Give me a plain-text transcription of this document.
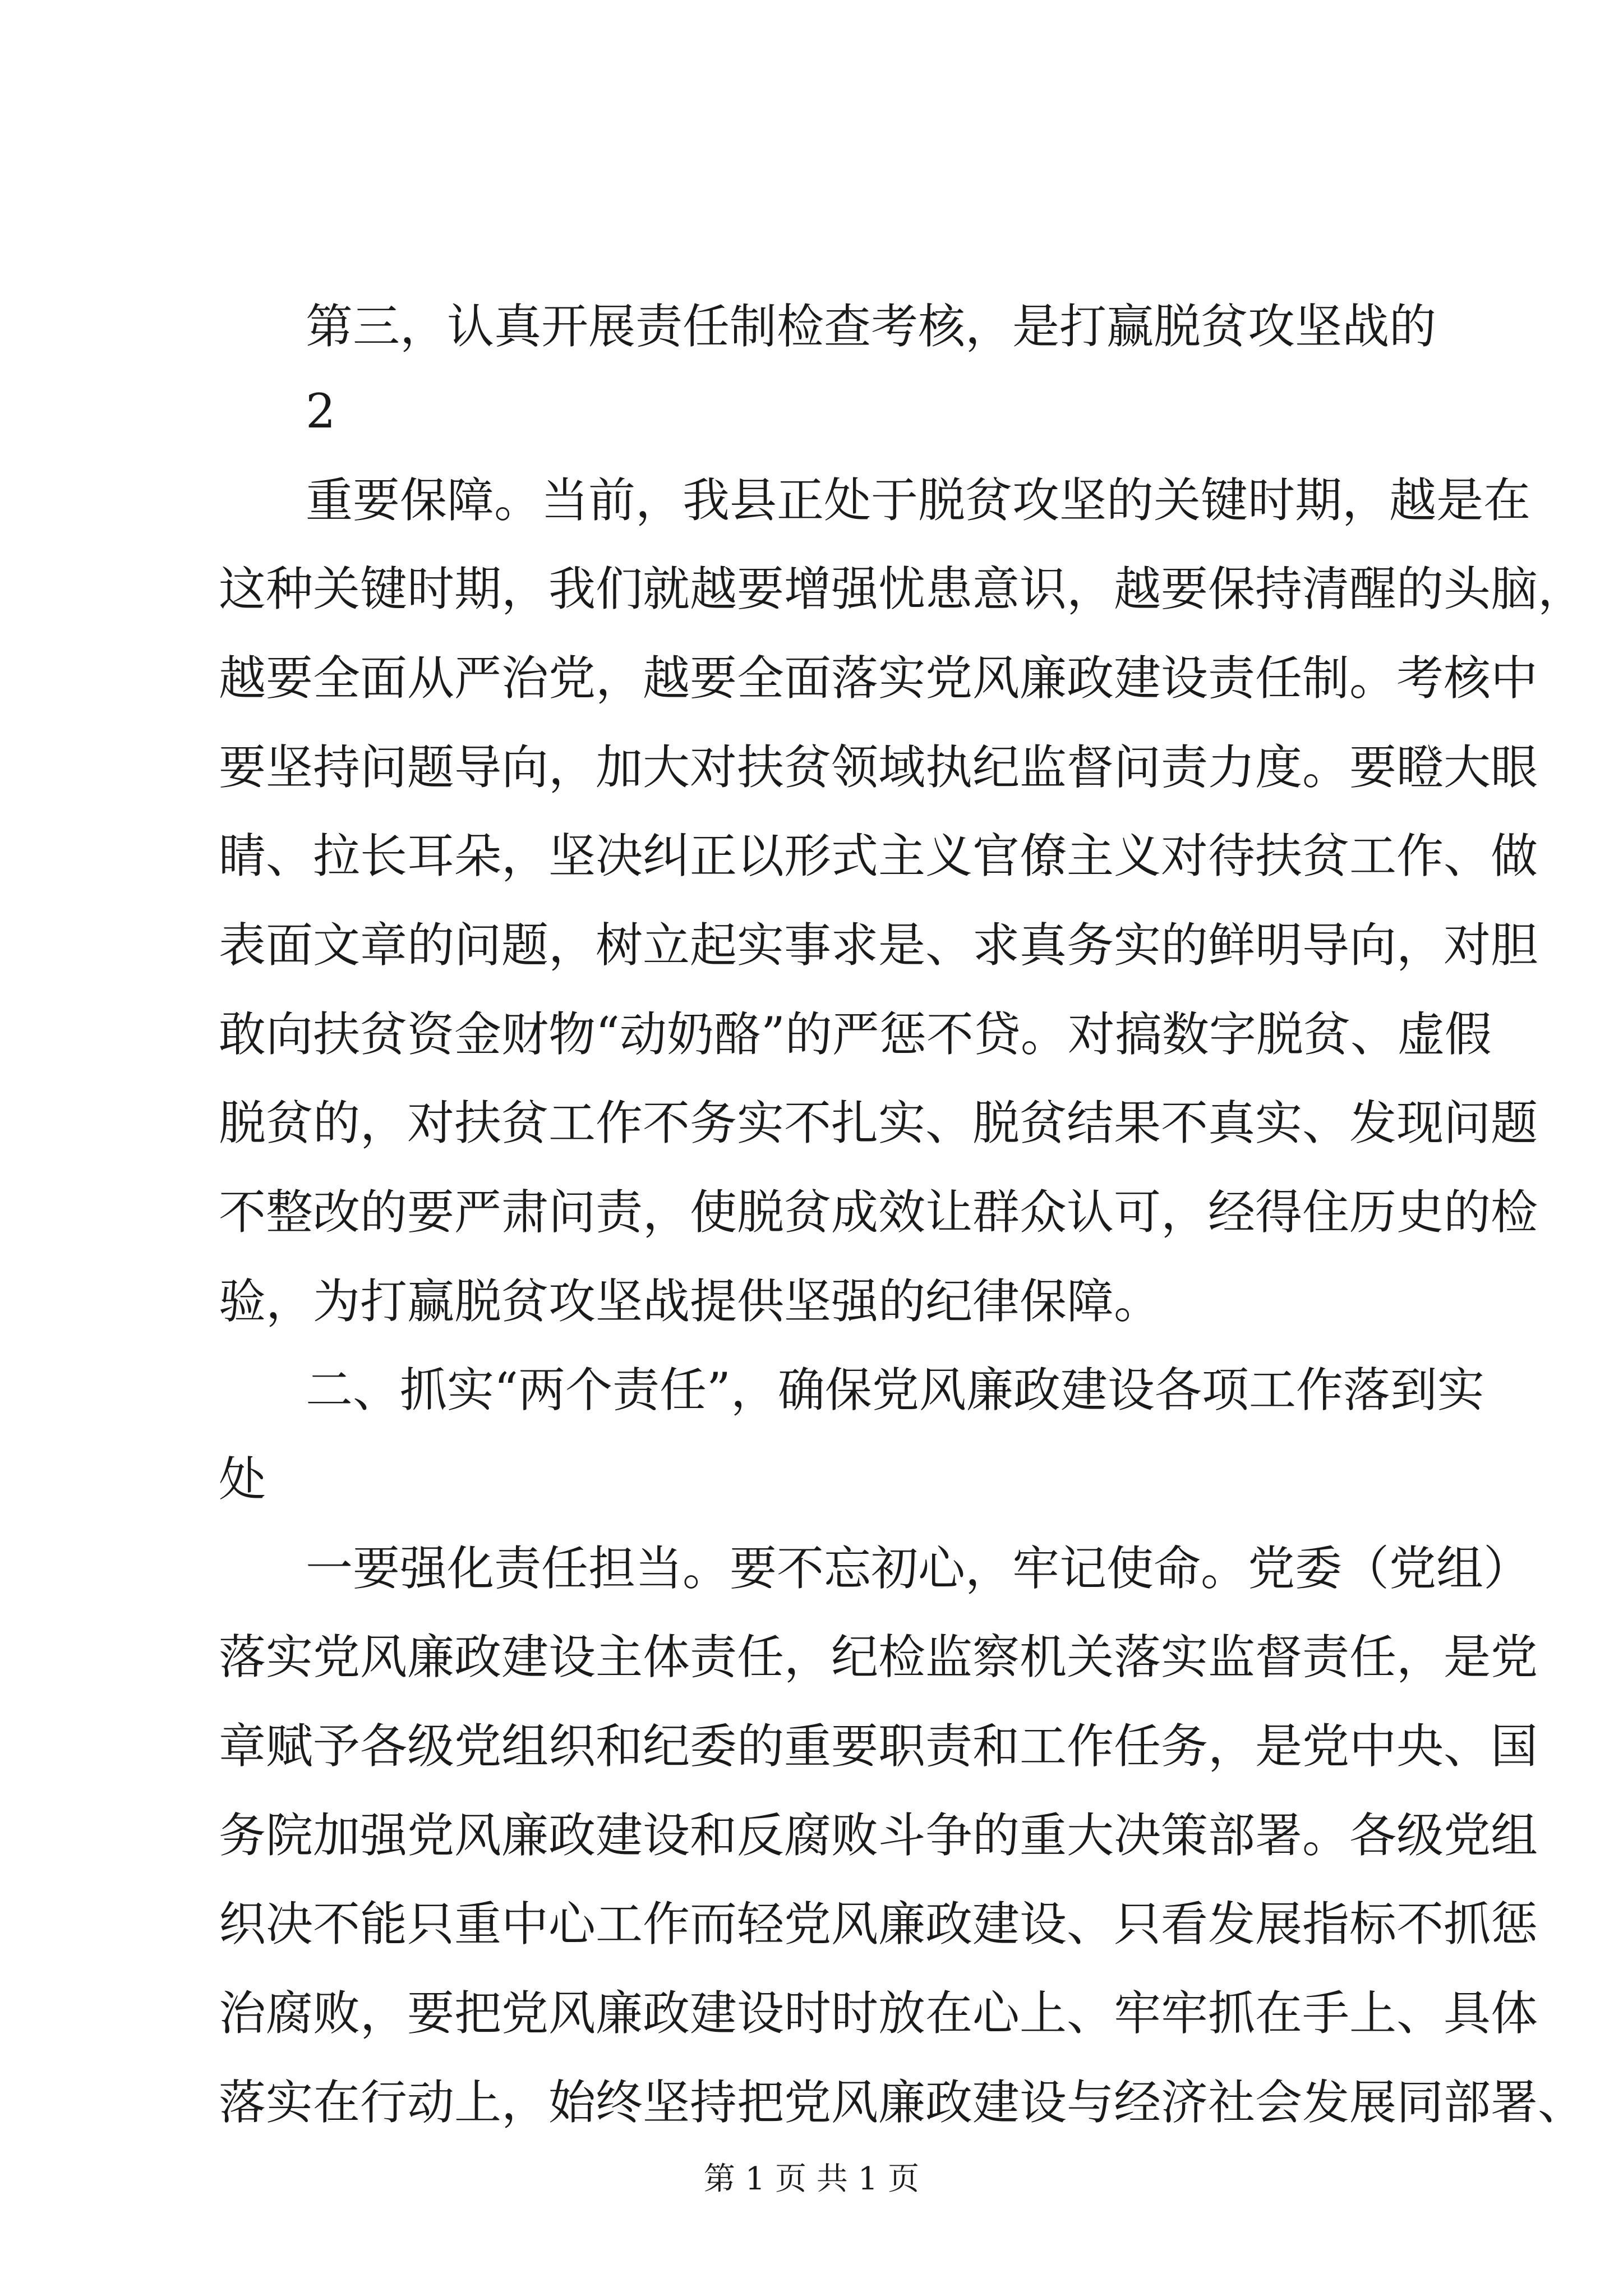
第三，认真开展责任制检查考核，是打赢脱贫攻坚战的

2

重要保障。当前，我县正处于脱贫攻坚的关键时期，越是在

这种关键时期，我们就越要增强忧患意识，越要保持清醒的头脑，

越要全面从严治党，越要全面落实党风廉政建设责任制。考核中

要坚持问题导向，加大对扶贫领域执纪监督问责力度。要瞪大眼

睛、拉长耳朵，坚决纠正以形式主义官僚主义对待扶贫工作、做

表面文章的问题，树立起实事求是、求真务实的鲜明导向，对胆

敢向扶贫资金财物“动奶酪”的严惩不贷。对搞数字脱贫、虚假

脱贫的，对扶贫工作不务实不扎实、脱贫结果不真实、发现问题

不整改的要严肃问责，使脱贫成效让群众认可，经得住历史的检

验，为打赢脱贫攻坚战提供坚强的纪律保障。

二、抓实“两个责任”，确保党风廉政建设各项工作落到实

处

一要强化责任担当。要不忘初心，牢记使命。党委（党组）

落实党风廉政建设主体责任，纪检监察机关落实监督责任，是党

章赋予各级党组织和纪委的重要职责和工作任务，是党中央、国

务院加强党风廉政建设和反腐败斗争的重大决策部署。各级党组

织决不能只重中心工作而轻党风廉政建设、只看发展指标不抓惩

治腐败，要把党风廉政建设时时放在心上、牢牢抓在手上、具体

落实在行动上，始终坚持把党风廉政建设与经济社会发展同部署、

第 1 页 共 1 页
